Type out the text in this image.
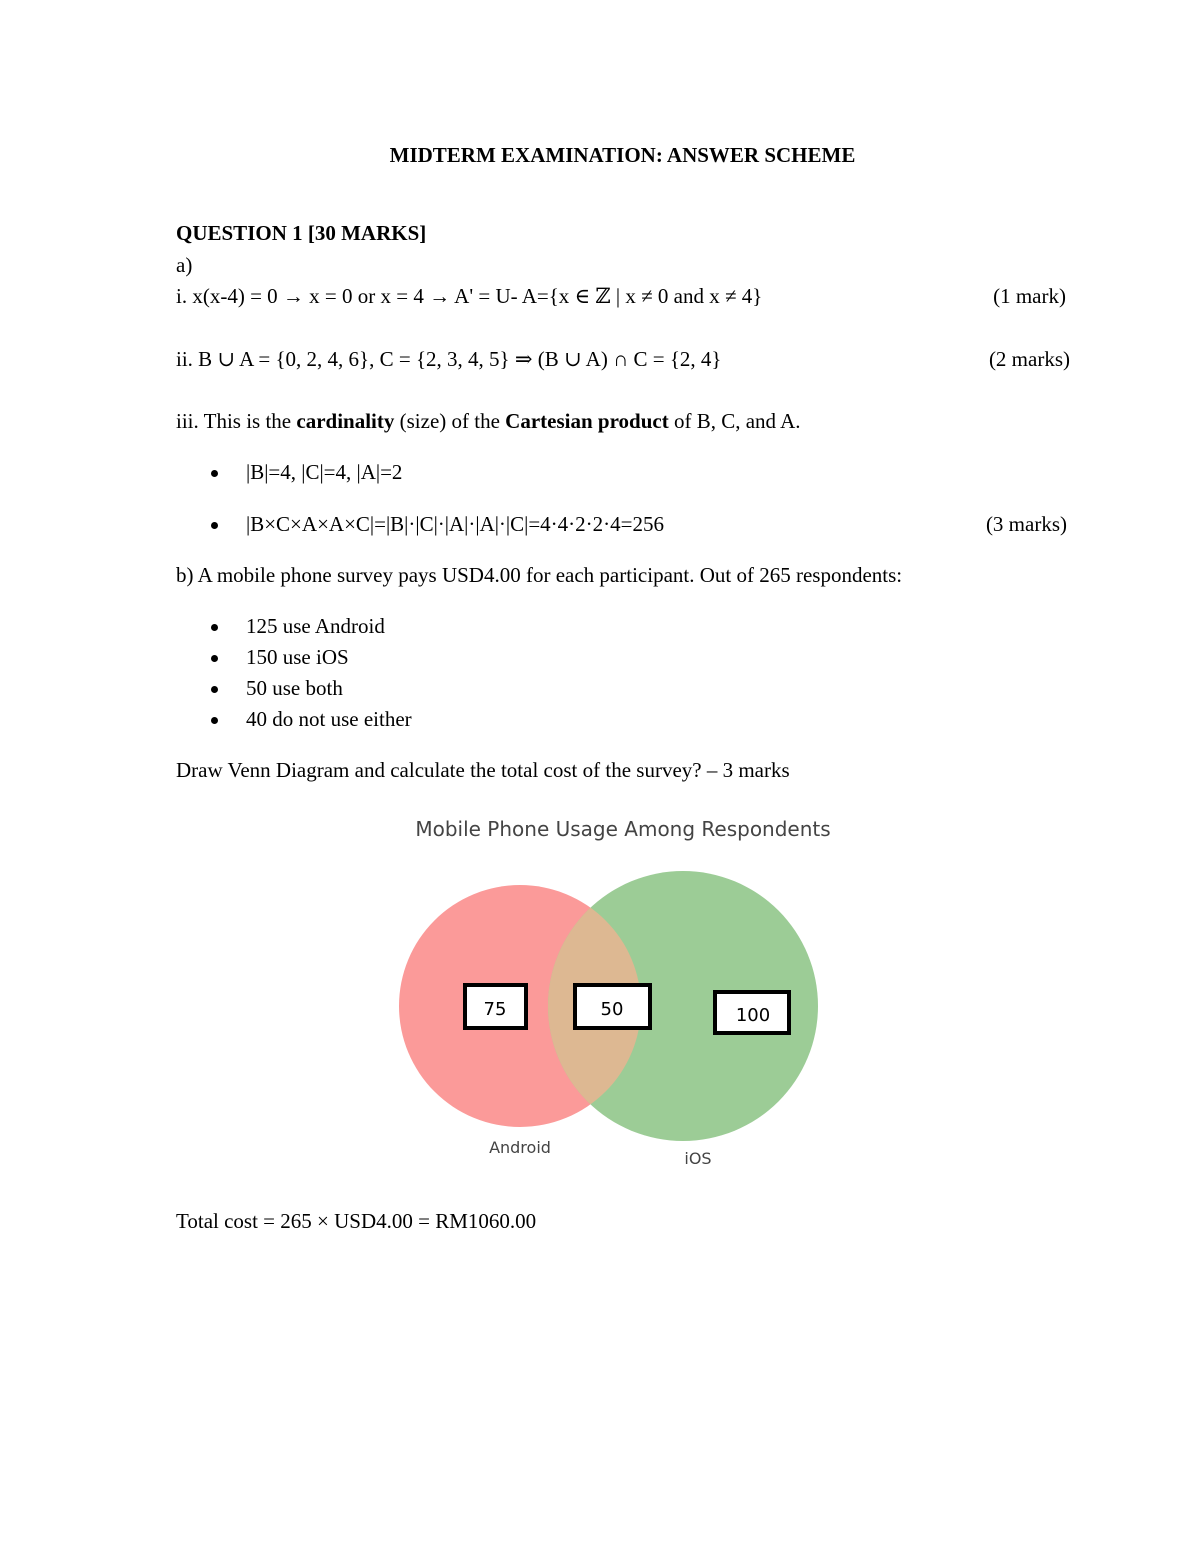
MIDTERM EXAMINATION: ANSWER SCHEME
QUESTION 1 [30 MARKS]
a)
i. x(x-4) = 0 → x = 0 or x = 4 → A' = U- A={x ∈ ℤ | x ≠ 0 and x ≠ 4}	(1 mark)
ii. B ∪ A = {0, 2, 4, 6}, C = {2, 3, 4, 5} ⇒ (B ∪ A) ∩ C = {2, 4}	(2 marks)
iii. This is the cardinality (size) of the Cartesian product of B, C, and A.
|B|=4, |C|=4, |A|=2
|B×C×A×A×C|=|B|·|C|·|A|·|A|·|C|=4·4·2·2·4=256	(3 marks)
b) A mobile phone survey pays USD4.00 for each participant. Out of 265 respondents:
125 use Android
150 use iOS
50 use both
40 do not use either
Draw Venn Diagram and calculate the total cost of the survey? – 3 marks
Mobile Phone Usage Among Respondents
75	50	100
Android
iOS
Total cost = 265 × USD4.00 = RM1060.00
